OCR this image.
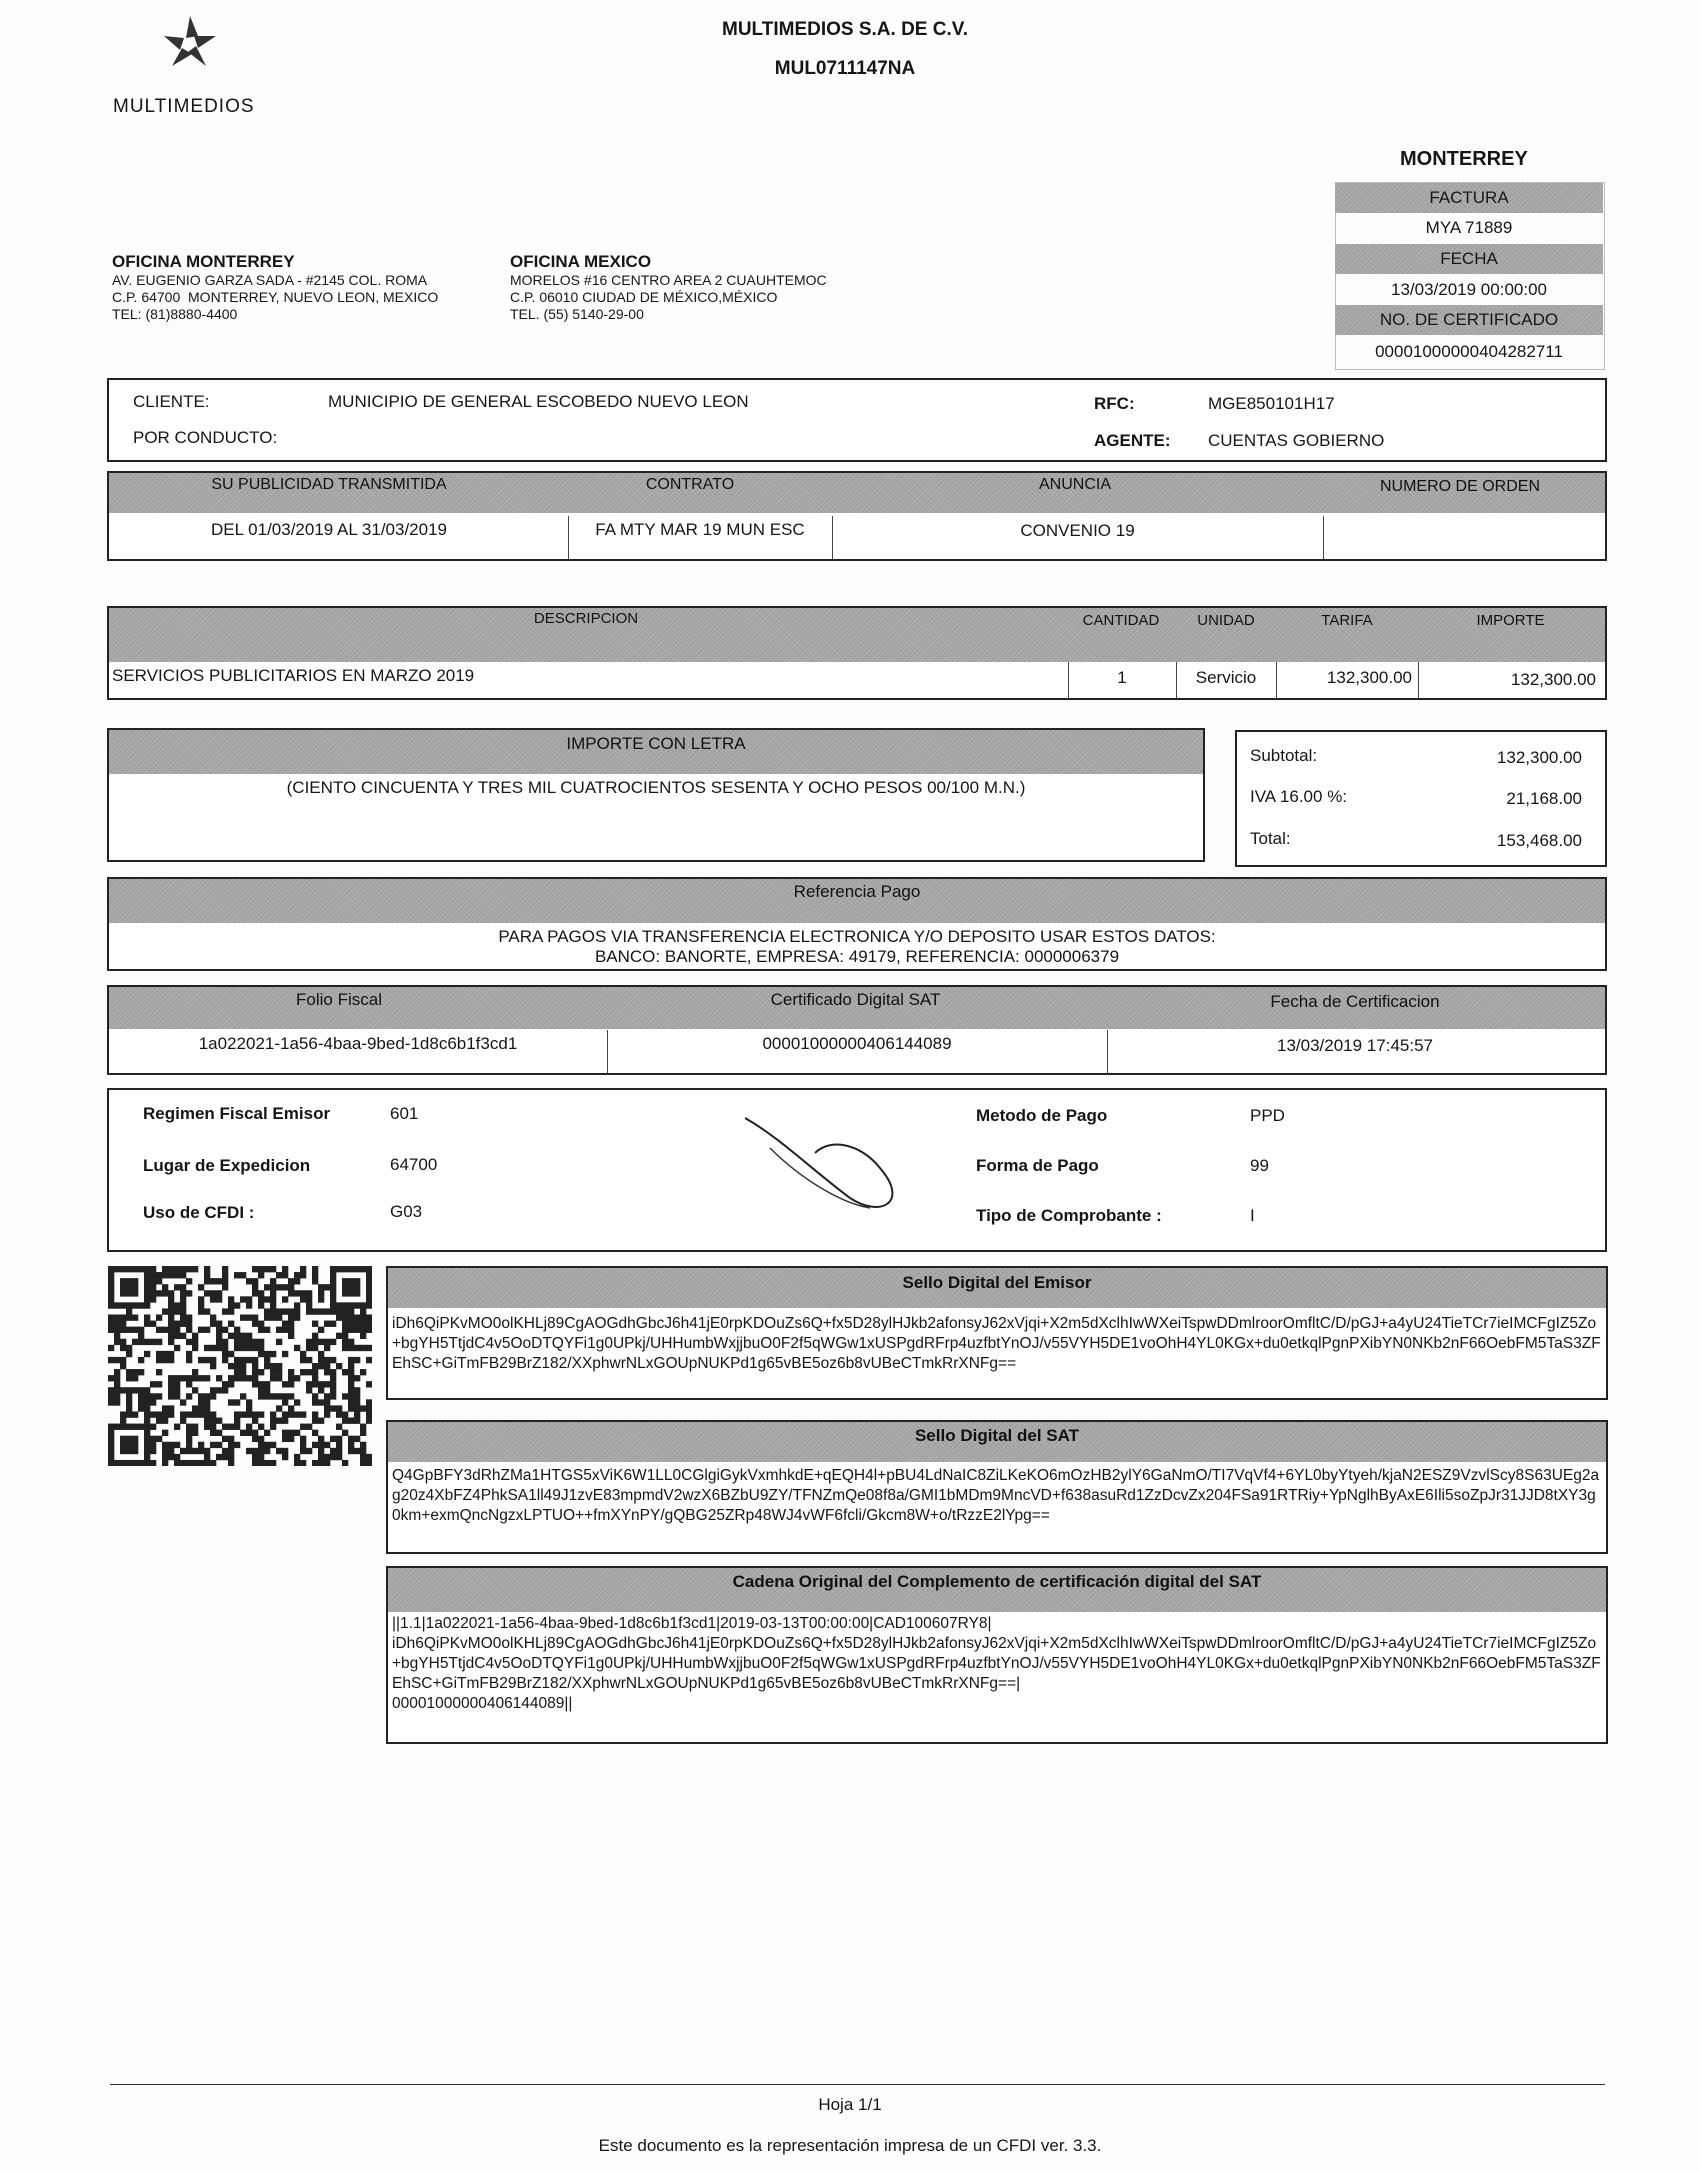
MULTIMEDIOS
MULTIMEDIOS S.A. DE C.V.
MUL0711147NA
MONTERREY
OFICINA MONTERREY
AV. EUGENIO GARZA SADA - #2145 COL. ROMA
C.P. 64700  MONTERREY, NUEVO LEON, MEXICO
TEL: (81)8880-4400
OFICINA MEXICO
MORELOS #16 CENTRO AREA 2 CUAUHTEMOC
C.P. 06010 CIUDAD DE MÉXICO,MÉXICO
TEL. (55) 5140-29-00
FACTURA
MYA 71889
FECHA
13/03/2019 00:00:00
NO. DE CERTIFICADO
00001000000404282711
CLIENTE:	MUNICIPIO DE GENERAL ESCOBEDO NUEVO LEON
POR CONDUCTO:
RFC:	MGE850101H17
AGENTE: CUENTAS GOBIERNO
SU PUBLICIDAD TRANSMITIDA	CONTRATO	ANUNCIA	NUMERO DE ORDEN
DEL 01/03/2019 AL 31/03/2019	FA MTY MAR 19 MUN ESC	CONVENIO 19
DESCRIPCION	CANTIDAD	UNIDAD	TARIFA	IMPORTE
SERVICIOS PUBLICITARIOS EN MARZO 2019	1	Servicio	132,300.00	132,300.00
IMPORTE CON LETRA
(CIENTO CINCUENTA Y TRES MIL CUATROCIENTOS SESENTA Y OCHO PESOS 00/100 M.N.)
Subtotal:	132,300.00
IVA 16.00 %:	21,168.00
Total:	153,468.00
Referencia Pago
PARA PAGOS VIA TRANSFERENCIA ELECTRONICA Y/O DEPOSITO USAR ESTOS DATOS:
BANCO: BANORTE, EMPRESA: 49179, REFERENCIA: 0000006379
Folio Fiscal	Certificado Digital SAT	Fecha de Certificacion
1a022021-1a56-4baa-9bed-1d8c6b1f3cd1	00001000000406144089	13/03/2019 17:45:57
Regimen Fiscal Emisor	601
Lugar de Expedicion	64700
Uso de CFDI :	G03
Metodo de Pago	PPD
Forma de Pago	99
Tipo de Comprobante :	I
Sello Digital del Emisor
iDh6QiPKvMO0olKHLj89CgAOGdhGbcJ6h41jE0rpKDOuZs6Q+fx5D28ylHJkb2afonsyJ62xVjqi+X2m5dXclhIwWXeiTspwDDmlroorOmfltC/D/pGJ+a4yU24TieTCr7ieIMCFgIZ5Zo+bgYH5TtjdC4v5OoDTQYFi1g0UPkj/UHHumbWxjjbuO0F2f5qWGw1xUSPgdRFrp4uzfbtYnOJ/v55VYH5DE1voOhH4YL0KGx+du0etkqlPgnPXibYN0NKb2nF66OebFM5TaS3ZFEhSC+GiTmFB29BrZ182/XXphwrNLxGOUpNUKPd1g65vBE5oz6b8vUBeCTmkRrXNFg==
Sello Digital del SAT
Q4GpBFY3dRhZMa1HTGS5xViK6W1LL0CGlgiGykVxmhkdE+qEQH4l+pBU4LdNaIC8ZiLKeKO6mOzHB2ylY6GaNmO/TI7VqVf4+6YL0byYtyeh/kjaN2ESZ9VzvlScy8S63UEg2ag20z4XbFZ4PhkSA1ll49J1zvE83mpmdV2wzX6BZbU9ZY/TFNZmQe08f8a/GMI1bMDm9MncVD+f638asuRd1ZzDcvZx204FSa91RTRiy+YpNglhByAxE6Ili5soZpJr31JJD8tXY3g0km+exmQncNgzxLPTUO++fmXYnPY/gQBG25ZRp48WJ4vWF6fcli/Gkcm8W+o/tRzzE2lYpg==
Cadena Original del Complemento de certificación digital del SAT
||1.1|1a022021-1a56-4baa-9bed-1d8c6b1f3cd1|2019-03-13T00:00:00|CAD100607RY8|
iDh6QiPKvMO0olKHLj89CgAOGdhGbcJ6h41jE0rpKDOuZs6Q+fx5D28ylHJkb2afonsyJ62xVjqi+X2m5dXclhIwWXeiTspwDDmlroorOmfltC/D/pGJ+a4yU24TieTCr7ieIMCFgIZ5Zo+bgYH5TtjdC4v5OoDTQYFi1g0UPkj/UHHumbWxjjbuO0F2f5qWGw1xUSPgdRFrp4uzfbtYnOJ/v55VYH5DE1voOhH4YL0KGx+du0etkqlPgnPXibYN0NKb2nF66OebFM5TaS3ZFEhSC+GiTmFB29BrZ182/XXphwrNLxGOUpNUKPd1g65vBE5oz6b8vUBeCTmkRrXNFg==|
00001000000406144089||
Hoja 1/1
Este documento es la representación impresa de un CFDI ver. 3.3.
